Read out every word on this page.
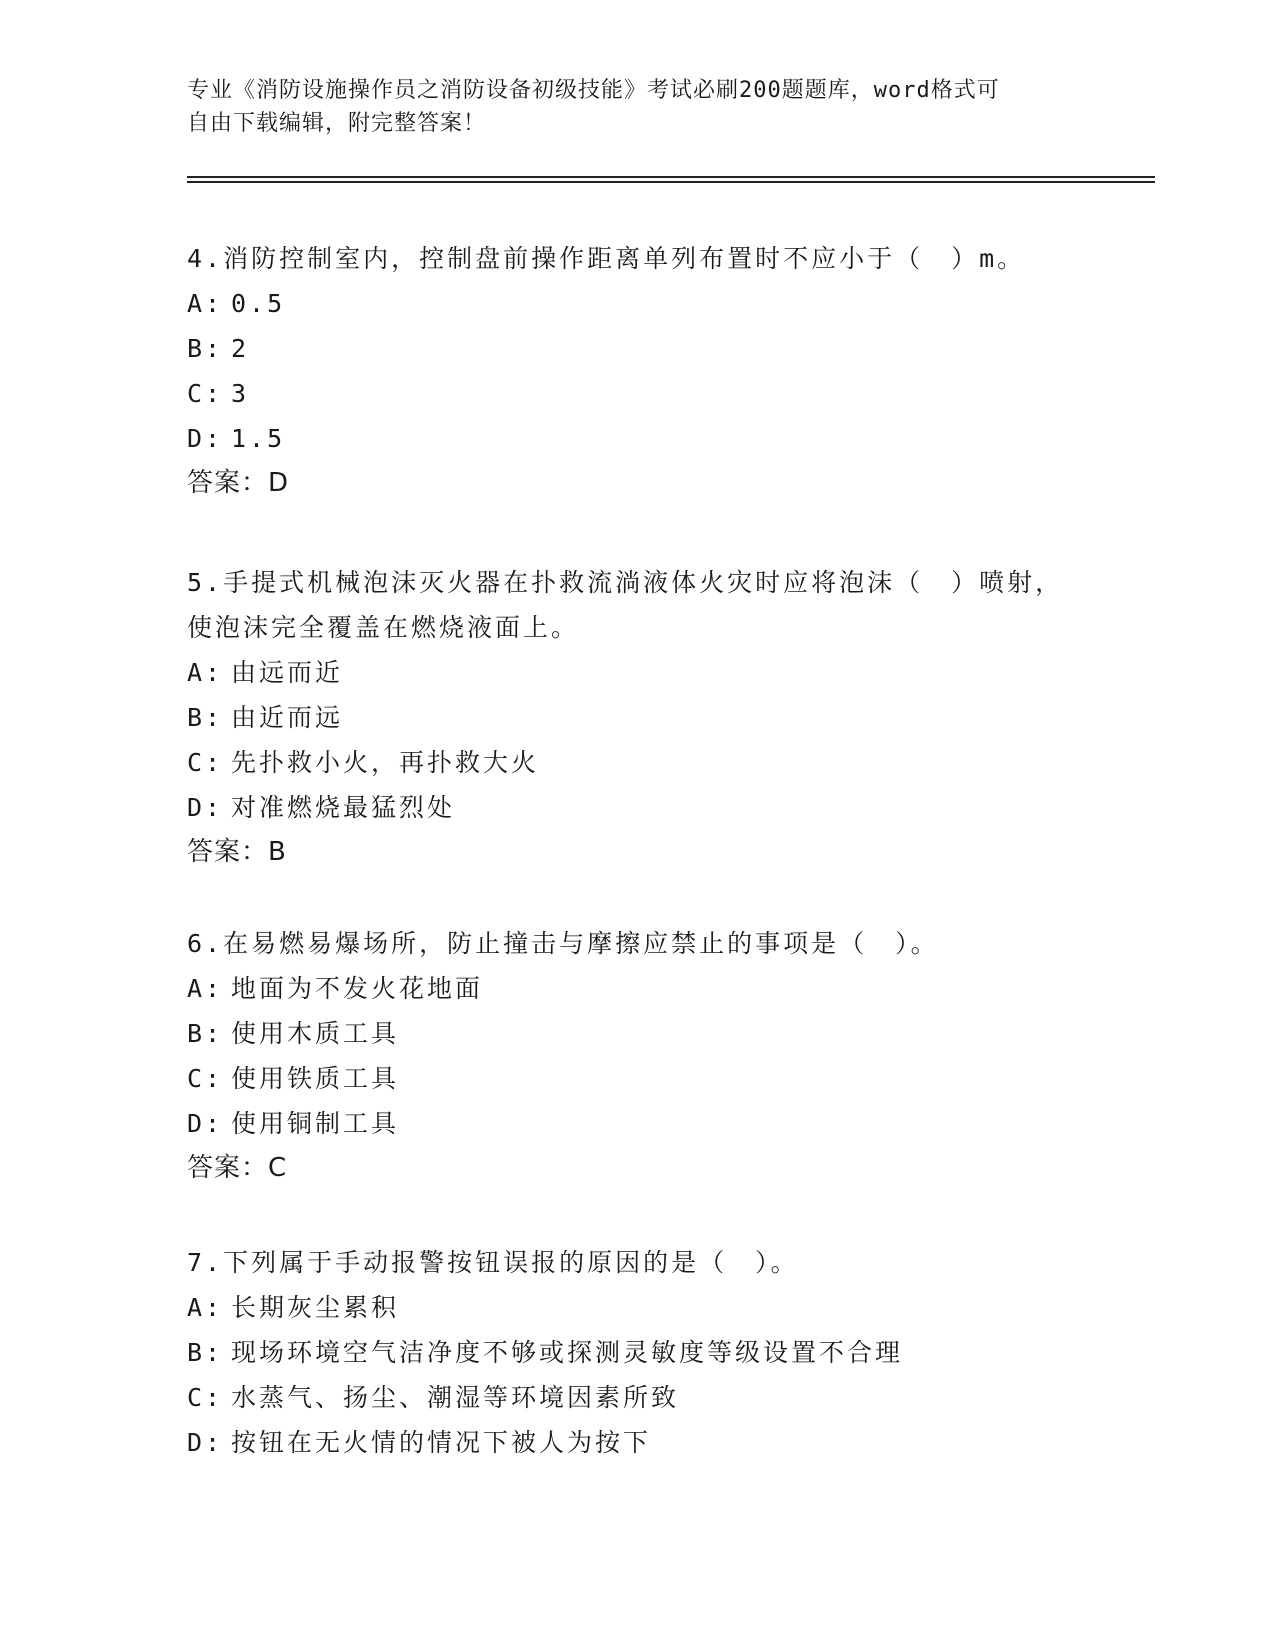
专业《消防设施操作员之消防设备初级技能》考试必刷200题题库，word格式可
自由下载编辑，附完整答案！
4.消防控制室内，控制盘前操作距离单列布置时不应小于（　）m。
A: 0.5
B: 2
C: 3
D: 1.5
答案：D
5.手提式机械泡沫灭火器在扑救流淌液体火灾时应将泡沫（　）喷射，使泡沫完全覆盖在燃烧液面上。
A: 由远而近
B: 由近而远
C: 先扑救小火，再扑救大火
D: 对准燃烧最猛烈处
答案：B
6.在易燃易爆场所，防止撞击与摩擦应禁止的事项是（　）。
A: 地面为不发火花地面
B: 使用木质工具
C: 使用铁质工具
D: 使用铜制工具
答案：C
7.下列属于手动报警按钮误报的原因的是（　）。
A: 长期灰尘累积
B: 现场环境空气洁净度不够或探测灵敏度等级设置不合理
C: 水蒸气、扬尘、潮湿等环境因素所致
D: 按钮在无火情的情况下被人为按下
